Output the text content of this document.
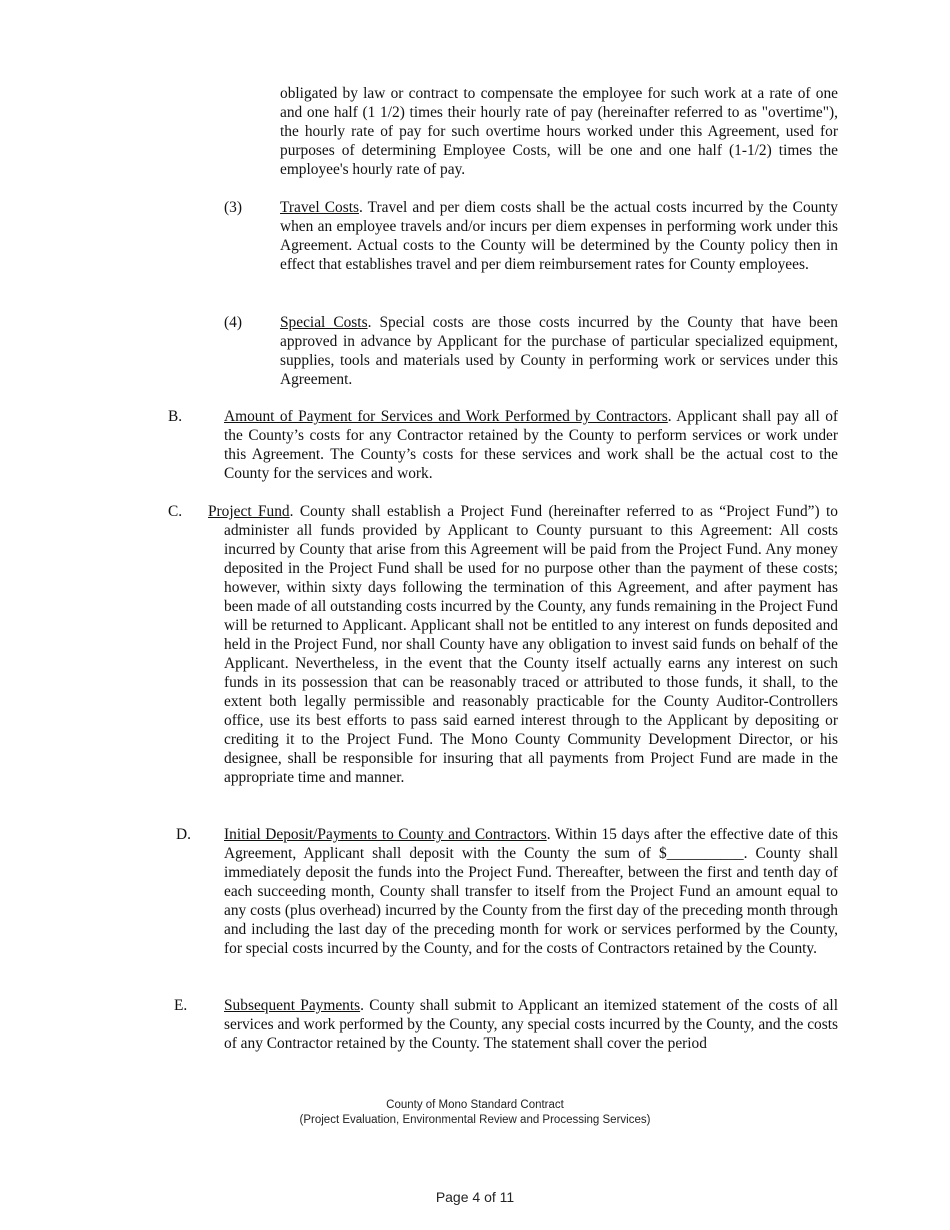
obligated by law or contract to compensate the employee for such work at a rate of one and one half (1 1/2) times their hourly rate of pay (hereinafter referred to as "overtime"), the hourly rate of pay for such overtime hours worked under this Agreement, used for purposes of determining Employee Costs, will be one and one half (1-1/2) times the employee's hourly rate of pay.

(3) Travel Costs. Travel and per diem costs shall be the actual costs incurred by the County when an employee travels and/or incurs per diem expenses in performing work under this Agreement. Actual costs to the County will be determined by the County policy then in effect that establishes travel and per diem reimbursement rates for County employees.

(4) Special Costs. Special costs are those costs incurred by the County that have been approved in advance by Applicant for the purchase of particular specialized equipment, supplies, tools and materials used by County in performing work or services under this Agreement.

B.	Amount of Payment for Services and Work Performed by Contractors. Applicant shall pay all of the County’s costs for any Contractor retained by the County to perform services or work under this Agreement. The County’s costs for these services and work shall be the actual cost to the County for the services and work.

C. Project Fund. County shall establish a Project Fund (hereinafter referred to as “Project Fund”) to administer all funds provided by Applicant to County pursuant to this Agreement: All costs incurred by County that arise from this Agreement will be paid from the Project Fund. Any money deposited in the Project Fund shall be used for no purpose other than the payment of these costs; however, within sixty days following the termination of this Agreement, and after payment has been made of all outstanding costs incurred by the County, any funds remaining in the Project Fund will be returned to Applicant. Applicant shall not be entitled to any interest on funds deposited and held in the Project Fund, nor shall County have any obligation to invest said funds on behalf of the Applicant. Nevertheless, in the event that the County itself actually earns any interest on such funds in its possession that can be reasonably traced or attributed to those funds, it shall, to the extent both legally permissible and reasonably practicable for the County Auditor-Controllers office, use its best efforts to pass said earned interest through to the Applicant by depositing or crediting it to the Project Fund. The Mono County Community Development Director, or his designee, shall be responsible for insuring that all payments from Project Fund are made in the appropriate time and manner.

D. Initial Deposit/Payments to County and Contractors. Within 15 days after the effective date of this Agreement, Applicant shall deposit with the County the sum of $__________. County shall immediately deposit the funds into the Project Fund. Thereafter, between the first and tenth day of each succeeding month, County shall transfer to itself from the Project Fund an amount equal to any costs (plus overhead) incurred by the County from the first day of the preceding month through and including the last day of the preceding month for work or services performed by the County, for special costs incurred by the County, and for the costs of Contractors retained by the County.

E. Subsequent Payments. County shall submit to Applicant an itemized statement of the costs of all services and work performed by the County, any special costs incurred by the County, and the costs of any Contractor retained by the County. The statement shall cover the period

County of Mono Standard Contract
(Project Evaluation, Environmental Review and Processing Services)
Page 4 of 11
